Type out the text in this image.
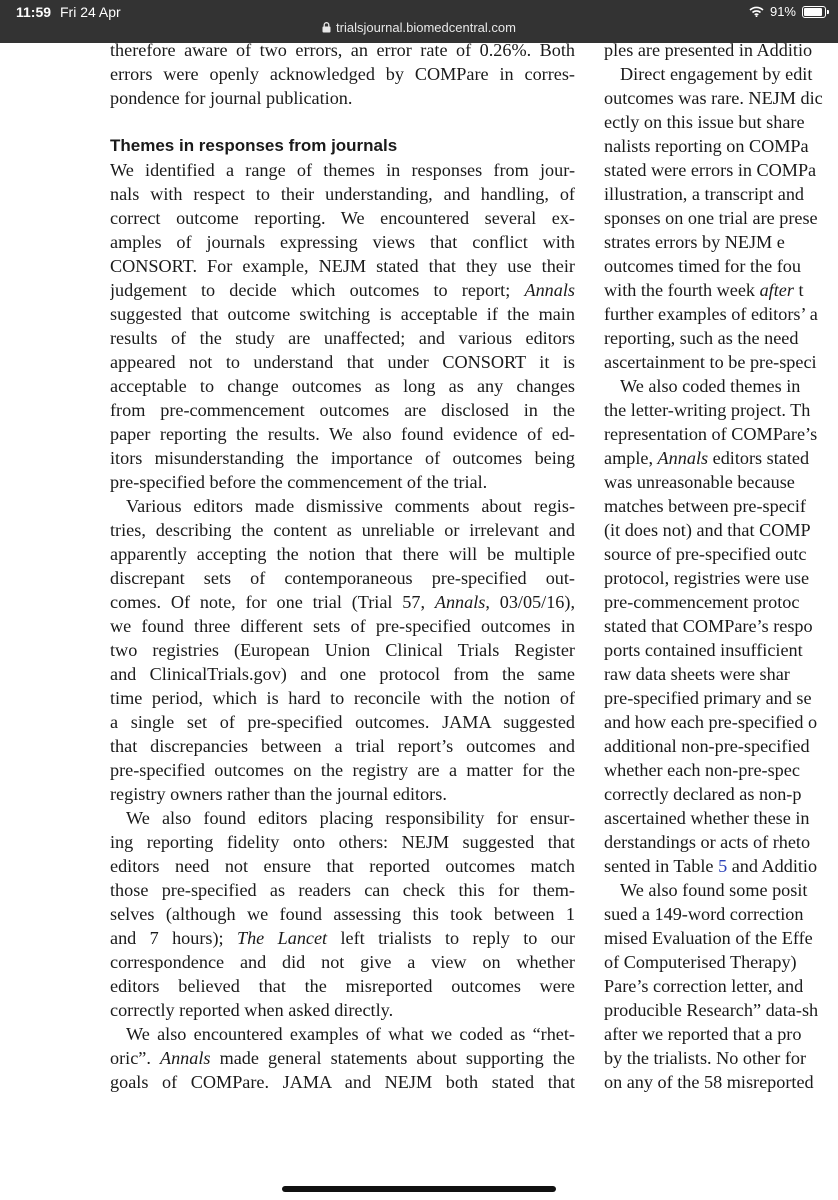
11:59 Fri 24 Apr
trialsjournal.biomedcentral.com
91%
therefore aware of two errors, an error rate of 0.26%. Both
errors were openly acknowledged by COMPare in corres-
pondence for journal publication.
Themes in responses from journals
We identified a range of themes in responses from jour-
nals with respect to their understanding, and handling, of
correct outcome reporting. We encountered several ex-
amples of journals expressing views that conflict with
CONSORT. For example, NEJM stated that they use their
judgement to decide which outcomes to report; Annals
suggested that outcome switching is acceptable if the main
results of the study are unaffected; and various editors
appeared not to understand that under CONSORT it is
acceptable to change outcomes as long as any changes
from pre-commencement outcomes are disclosed in the
paper reporting the results. We also found evidence of ed-
itors misunderstanding the importance of outcomes being
pre-specified before the commencement of the trial.
Various editors made dismissive comments about regis-
tries, describing the content as unreliable or irrelevant and
apparently accepting the notion that there will be multiple
discrepant sets of contemporaneous pre-specified out-
comes. Of note, for one trial (Trial 57, Annals, 03/05/16),
we found three different sets of pre-specified outcomes in
two registries (European Union Clinical Trials Register
and ClinicalTrials.gov) and one protocol from the same
time period, which is hard to reconcile with the notion of
a single set of pre-specified outcomes. JAMA suggested
that discrepancies between a trial report’s outcomes and
pre-specified outcomes on the registry are a matter for the
registry owners rather than the journal editors.
We also found editors placing responsibility for ensur-
ing reporting fidelity onto others: NEJM suggested that
editors need not ensure that reported outcomes match
those pre-specified as readers can check this for them-
selves (although we found assessing this took between 1
and 7 hours); The Lancet left trialists to reply to our
correspondence and did not give a view on whether
editors believed that the misreported outcomes were
correctly reported when asked directly.
We also encountered examples of what we coded as “rhet-
oric”. Annals made general statements about supporting the
goals of COMPare. JAMA and NEJM both stated that
ples are presented in Additio
Direct engagement by edit
outcomes was rare. NEJM dic
ectly on this issue but share
nalists reporting on COMPa
stated were errors in COMPa
illustration, a transcript and
sponses on one trial are prese
strates errors by NEJM e
outcomes timed for the fou
with the fourth week after t
further examples of editors’ a
reporting, such as the need
ascertainment to be pre-speci
We also coded themes in
the letter-writing project. Th
representation of COMPare’s
ample, Annals editors stated
was unreasonable because
matches between pre-specif
(it does not) and that COMP
source of pre-specified outc
protocol, registries were use
pre-commencement protoc
stated that COMPare’s respo
ports contained insufficient
raw data sheets were shar
pre-specified primary and se
and how each pre-specified o
additional non-pre-specified
whether each non-pre-spec
correctly declared as non-p
ascertained whether these in
derstandings or acts of rheto
sented in Table 5 and Additio
We also found some posit
sued a 149-word correction
mised Evaluation of the Effe
of Computerised Therapy)
Pare’s correction letter, and
producible Research” data-sh
after we reported that a pro
by the trialists. No other for
on any of the 58 misreported
